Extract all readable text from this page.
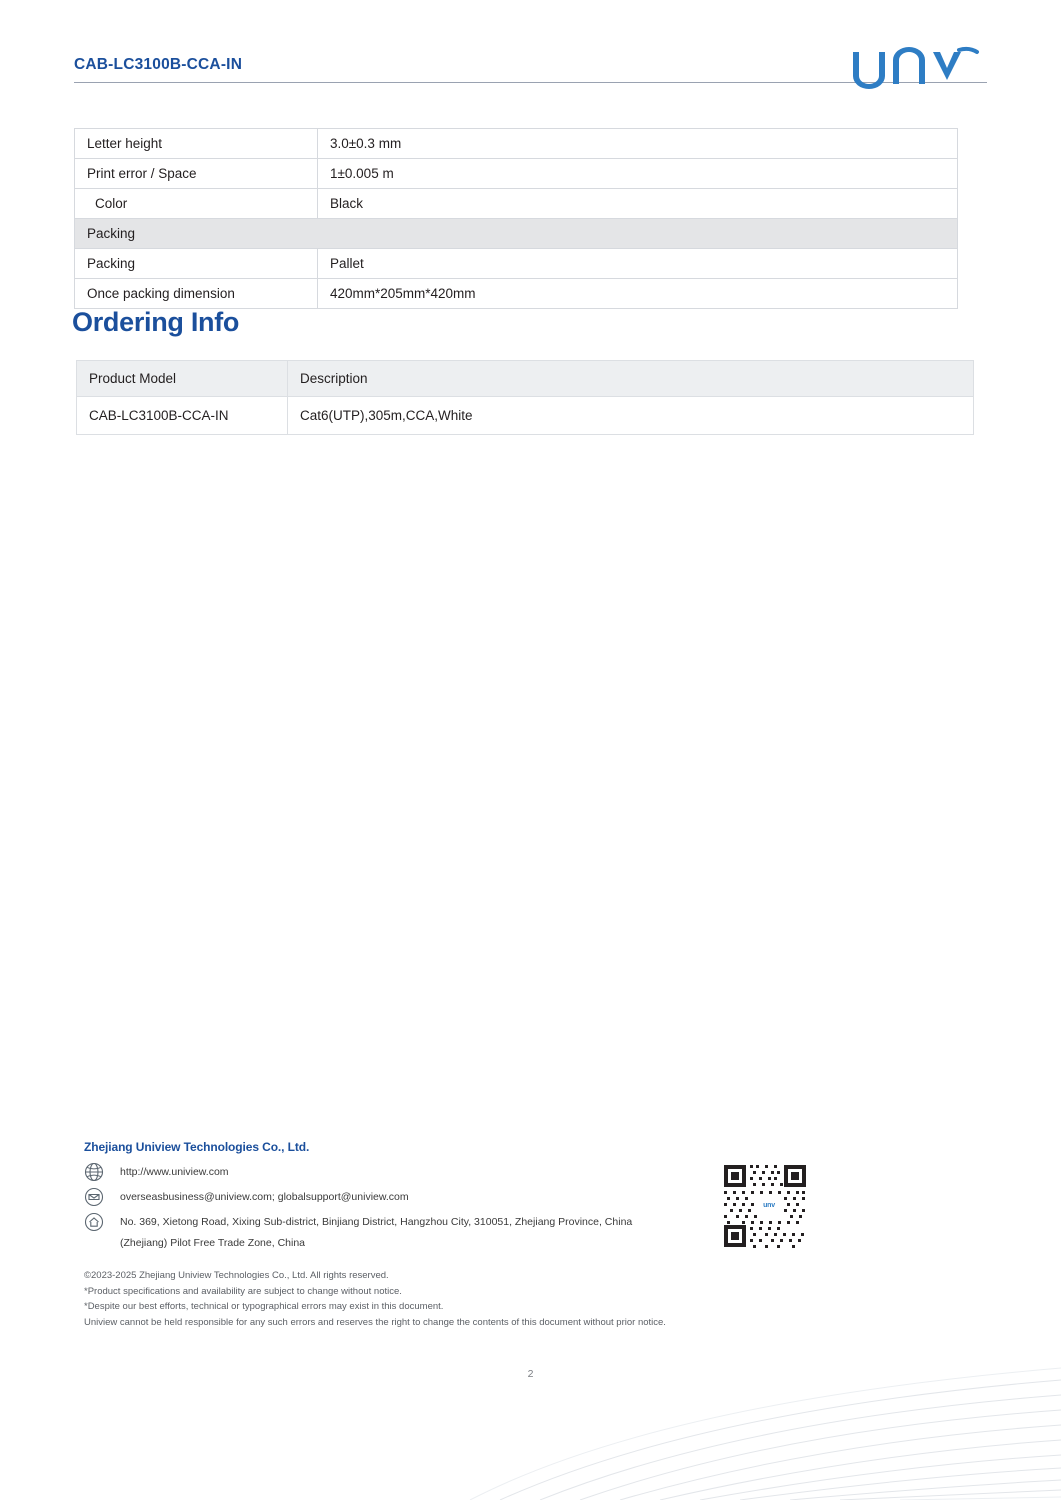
CAB-LC3100B-CCA-IN
Letter height	3.0±0.3 mm
Print error / Space	1±0.005 m
Color	Black
Packing	
Packing	Pallet
Once packing dimension	420mm*205mm*420mm
Ordering Info
Product Model	Description
CAB-LC3100B-CCA-IN	Cat6(UTP),305m,CCA,White
Zhejiang Uniview Technologies Co., Ltd.
http://www.uniview.com
overseasbusiness@uniview.com; globalsupport@uniview.com
No. 369, Xietong Road, Xixing Sub-district, Binjiang District, Hangzhou City, 310051, Zhejiang Province, China
(Zhejiang) Pilot Free Trade Zone, China
©2023-2025 Zhejiang Uniview Technologies Co., Ltd. All rights reserved.
*Product specifications and availability are subject to change without notice.
*Despite our best efforts, technical or typographical errors may exist in this document.
Uniview cannot be held responsible for any such errors and reserves the right to change the contents of this document without prior notice.
unv
2
